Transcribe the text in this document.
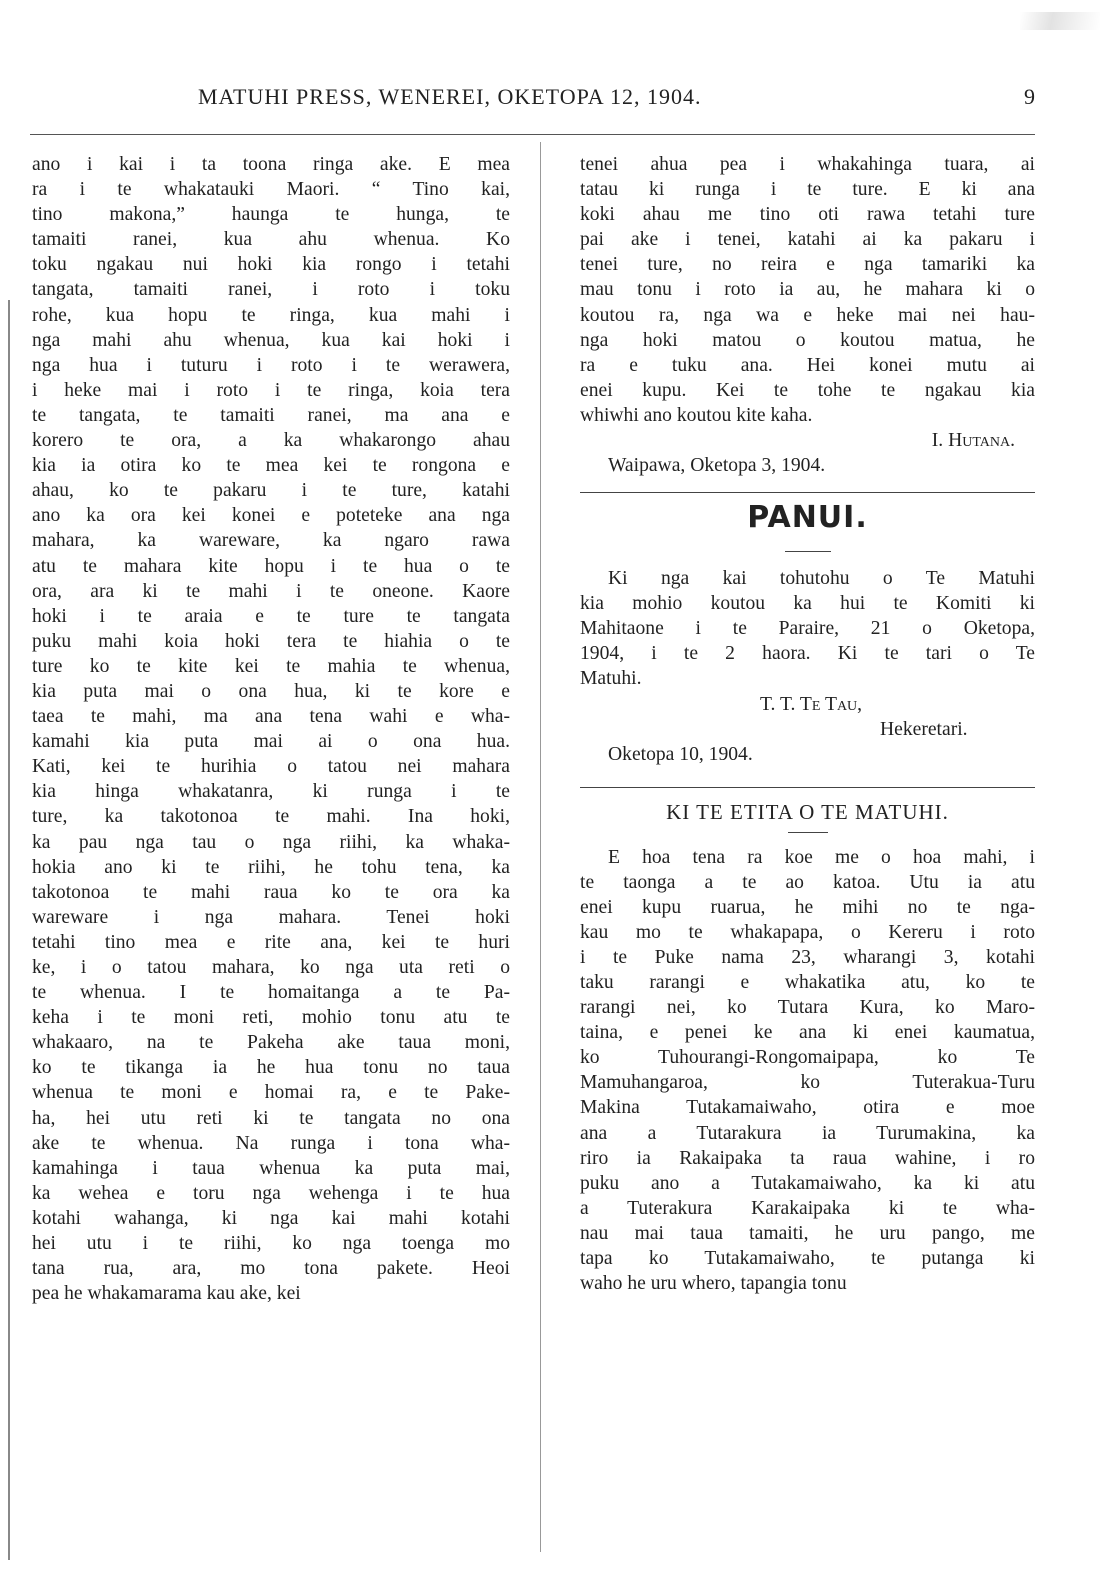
MATUHI PRESS, WENEREI, OKETOPA 12, 1904.	9
ano i kai i ta toona ringa ake. E mea
ra i te whakatauki Maori. “ Tino kai,
tino makona,” haunga te hunga, te
tamaiti ranei, kua ahu whenua. Ko
toku ngakau nui hoki kia rongo i tetahi
tangata, tamaiti ranei, i roto i toku
rohe, kua hopu te ringa, kua mahi i
nga mahi ahu whenua, kua kai hoki i
nga hua i tuturu i roto i te werawera,
i heke mai i roto i te ringa, koia tera
te tangata, te tamaiti ranei, ma ana e
korero te ora, a ka whakarongo ahau
kia ia otira ko te mea kei te rongona e
ahau, ko te pakaru i te ture, katahi
ano ka ora kei konei e poteteke ana nga
mahara, ka wareware, ka ngaro rawa
atu te mahara kite hopu i te hua o te
ora, ara ki te mahi i te oneone. Kaore
hoki i te araia e te ture te tangata
puku mahi koia hoki tera te hiahia o te
ture ko te kite kei te mahia te whenua,
kia puta mai o ona hua, ki te kore e
taea te mahi, ma ana tena wahi e wha-
kamahi kia puta mai ai o ona hua.
Kati, kei te hurihia o tatou nei mahara
kia hinga whakatanra, ki runga i te
ture, ka takotonoa te mahi. Ina hoki,
ka pau nga tau o nga riihi, ka whaka-
hokia ano ki te riihi, he tohu tena, ka
takotonoa te mahi raua ko te ora ka
wareware i nga mahara. Tenei hoki
tetahi tino mea e rite ana, kei te huri
ke, i o tatou mahara, ko nga uta reti o
te whenua. I te homaitanga a te Pa-
keha i te moni reti, mohio tonu atu te
whakaaro, na te Pakeha ake taua moni,
ko te tikanga ia he hua tonu no taua
whenua te moni e homai ra, e te Pake-
ha, hei utu reti ki te tangata no ona
ake te whenua. Na runga i tona wha-
kamahinga i taua whenua ka puta mai,
ka wehea e toru nga wehenga i te hua
kotahi wahanga, ki nga kai mahi kotahi
hei utu i te riihi, ko nga toenga mo
tana rua, ara, mo tona pakete. Heoi
pea he whakamarama kau ake, kei
tenei ahua pea i whakahinga tuara, ai
tatau ki runga i te ture. E ki ana
koki ahau me tino oti rawa tetahi ture
pai ake i tenei, katahi ai ka pakaru i
tenei ture, no reira e nga tamariki ka
mau tonu i roto ia au, he mahara ki o
koutou ra, nga wa e heke mai nei hau-
nga hoki matou o koutou matua, he
ra e tuku ana. Hei konei mutu ai
enei kupu. Kei te tohe te ngakau kia
whiwhi ano koutou kite kaha.
I. Hutana.
Waipawa, Oketopa 3, 1904.
PANUI.
Ki nga kai tohutohu o Te Matuhi
kia mohio koutou ka hui te Komiti ki
Mahitaone i te Paraire, 21 o Oketopa,
1904, i te 2 haora. Ki te tari o Te
Matuhi.
T. T. Te Tau,
Hekeretari.
Oketopa 10, 1904.
KI TE ETITA O TE MATUHI.
E hoa tena ra koe me o hoa mahi, i
te taonga a te ao katoa. Utu ia atu
enei kupu ruarua, he mihi no te nga-
kau mo te whakapapa, o Kereru i roto
i te Puke nama 23, wharangi 3, kotahi
taku rarangi e whakatika atu, ko te
rarangi nei, ko Tutara Kura, ko Maro-
taina, e penei ke ana ki enei kaumatua,
ko Tuhourangi-Rongomaipapa, ko Te
Mamuhangaroa, ko Tuterakua-Turu
Makina Tutakamaiwaho, otira e moe
ana a Tutarakura ia Turumakina, ka
riro ia Rakaipaka ta raua wahine, i ro
puku ano a Tutakamaiwaho, ka ki atu
a Tuterakura Karakaipaka ki te wha-
nau mai taua tamaiti, he uru pango, me
tapa ko Tutakamaiwaho, te putanga ki
waho he uru whero, tapangia tonu
